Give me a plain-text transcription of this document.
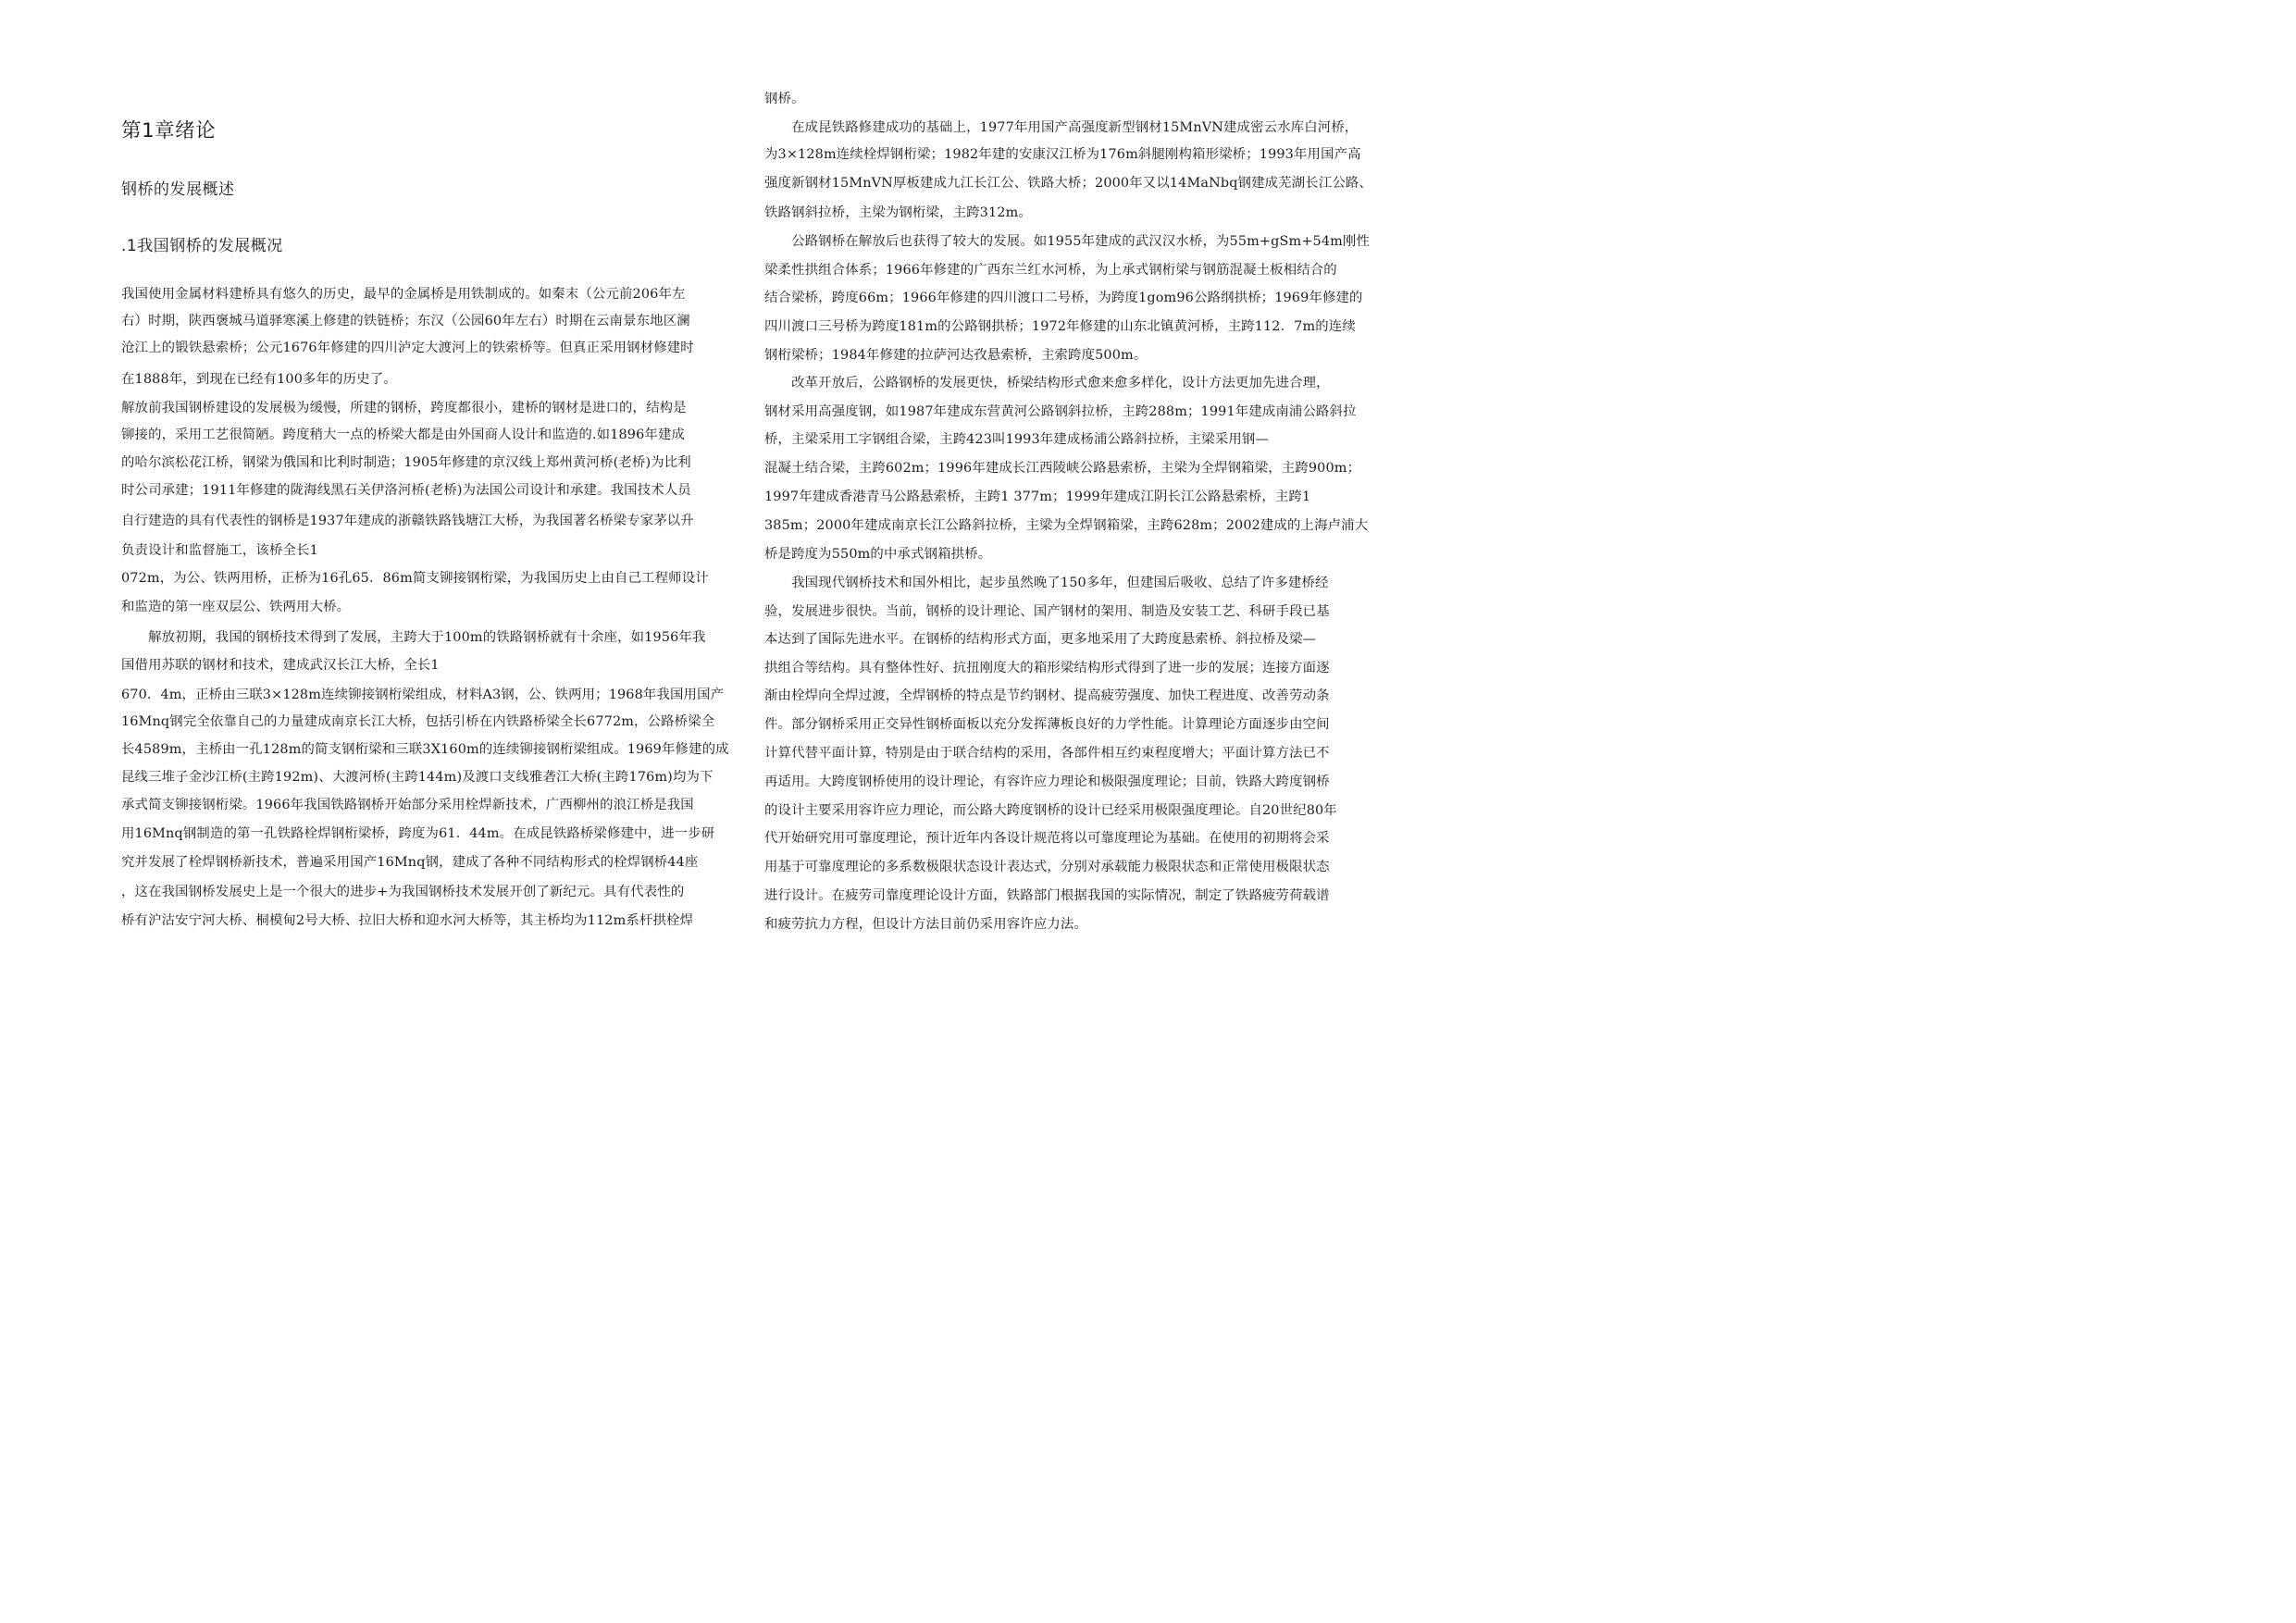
第1章绪论
钢桥的发展概述
.1我国钢桥的发展概况
我国使用金属材料建桥具有悠久的历史，最早的金属桥是用铁制成的。如秦末（公元前206年左
右）时期，陕西褒城马道驿寒溪上修建的铁链桥；东汉（公园60年左右）时期在云南景东地区澜
沧江上的锻铁悬索桥；公元1676年修建的四川泸定大渡河上的铁索桥等。但真正采用钢材修建时
在1888年，到现在已经有100多年的历史了。
解放前我国钢桥建设的发展极为缓慢，所建的钢桥，跨度都很小，建桥的钢材是进口的，结构是
铆接的，采用工艺很简陋。跨度稍大一点的桥梁大都是由外国商人设计和监造的.如1896年建成
的哈尔滨松花江桥，钢梁为俄国和比利时制造；1905年修建的京汉线上郑州黄河桥(老桥)为比利
时公司承建；1911年修建的陇海线黑石关伊洛河桥(老桥)为法国公司设计和承建。我国技术人员
自行建造的具有代表性的钢桥是1937年建成的浙赣铁路钱塘江大桥，为我国著名桥梁专家茅以升
负责设计和监督施工，该桥全长1
072m，为公、铁两用桥，正桥为16孔65．86m简支铆接钢桁梁，为我国历史上由自己工程师设计
和监造的第一座双层公、铁两用大桥。
　　解放初期，我国的钢桥技术得到了发展，主跨大于100m的铁路钢桥就有十余座，如1956年我
国借用苏联的钢材和技术，建成武汉长江大桥，全长1
670．4m，正桥由三联3×128m连续铆接钢桁梁组成，材料A3钢，公、铁两用；1968年我国用国产
16Mnq钢完全依靠自己的力量建成南京长江大桥，包括引桥在内铁路桥梁全长6772m，公路桥梁全
长4589m，主桥由一孔128m的简支钢桁梁和三联3X160m的连续铆接钢桁梁组成。1969年修建的成
昆线三堆子金沙江桥(主跨192m)、大渡河桥(主跨144m)及渡口支线雅砻江大桥(主跨176m)均为下
承式简支铆接钢桁梁。1966年我国铁路钢桥开始部分采用栓焊新技术，广西柳州的浪江桥是我国
用16Mnq钢制造的第一孔铁路栓焊钢桁梁桥，跨度为61．44m。在成昆铁路桥梁修建中，进一步研
究并发展了栓焊钢桥新技术，普遍采用国产16Mnq钢，建成了各种不同结构形式的栓焊钢桥44座
，这在我国钢桥发展史上是一个很大的进步+为我国钢桥技术发展开创了新纪元。具有代表性的
桥有沪沽安宁河大桥、桐模甸2号大桥、拉旧大桥和迎水河大桥等，其主桥均为112m系杆拱栓焊
钢桥。
　　在成昆铁路修建成功的基础上，1977年用国产高强度新型钢材15MnVN建成密云水库白河桥，
为3×128m连续栓焊钢桁梁；1982年建的安康汉江桥为176m斜腿刚构箱形梁桥；1993年用国产高
强度新钢材15MnVN厚板建成九江长江公、铁路大桥；2000年又以14MaNbq钢建成芜湖长江公路、
铁路钢斜拉桥，主梁为钢桁梁，主跨312m。
　　公路钢桥在解放后也获得了较大的发展。如1955年建成的武汉汉水桥，为55m+gSm+54m刚性
梁柔性拱组合体系；1966年修建的广西东兰红水河桥，为上承式钢桁梁与钢筋混凝土板相结合的
结合梁桥，跨度66m；1966年修建的四川渡口二号桥，为跨度1gom96公路纲拱桥；1969年修建的
四川渡口三号桥为跨度181m的公路钢拱桥；1972年修建的山东北镇黄河桥，主跨112．7m的连续
钢桁梁桥；1984年修建的拉萨河达孜悬索桥，主索跨度500m。
　　改革开放后，公路钢桥的发展更快，桥梁结构形式愈来愈多样化，设计方法更加先进合理，
钢材采用高强度钢，如1987年建成东营黄河公路钢斜拉桥，主跨288m；1991年建成南浦公路斜拉
桥，主梁采用工字钢组合梁，主跨423叫1993年建成杨浦公路斜拉桥，主梁采用钢—
混凝土结合梁，主跨602m；1996年建成长江西陵峡公路悬索桥，主梁为全焊钢箱梁，主跨900m；
1997年建成香港青马公路悬索桥，主跨1 377m；1999年建成江阴长江公路悬索桥，主跨1
385m；2000年建成南京长江公路斜拉桥，主梁为全焊钢箱梁，主跨628m；2002建成的上海卢浦大
桥是跨度为550m的中承式钢箱拱桥。
　　我国现代钢桥技术和国外相比，起步虽然晚了150多年，但建国后吸收、总结了许多建桥经
验，发展进步很快。当前，钢桥的设计理论、国产钢材的架用、制造及安装工艺、科研手段已基
本达到了国际先进水平。在钢桥的结构形式方面，更多地采用了大跨度悬索桥、斜拉桥及梁—
拱组合等结构。具有整体性好、抗扭刚度大的箱形梁结构形式得到了进一步的发展；连接方面逐
渐由栓焊向全焊过渡，全焊钢桥的特点是节约钢材、提高疲劳强度、加快工程进度、改善劳动条
件。部分钢桥采用正交异性钢桥面板以充分发挥薄板良好的力学性能。计算理论方面逐步由空间
计算代替平面计算，特别是由于联合结构的采用，各部件相互约束程度增大；平面计算方法已不
再适用。大跨度钢桥使用的设计理论，有容许应力理论和极限强度理论；目前，铁路大跨度钢桥
的设计主要采用容许应力理论，而公路大跨度钢桥的设计已经采用极限强度理论。自20世纪80年
代开始研究用可靠度理论，预计近年内各设计规范将以可靠度理论为基础。在使用的初期将会采
用基于可靠度理论的多系数极限状态设计表达式，分别对承载能力极限状态和正常使用极限状态
进行设计。在疲劳司靠度理论设计方面，铁路部门根据我国的实际情况，制定了铁路疲劳荷载谱
和疲劳抗力方程，但设计方法目前仍采用容许应力法。
